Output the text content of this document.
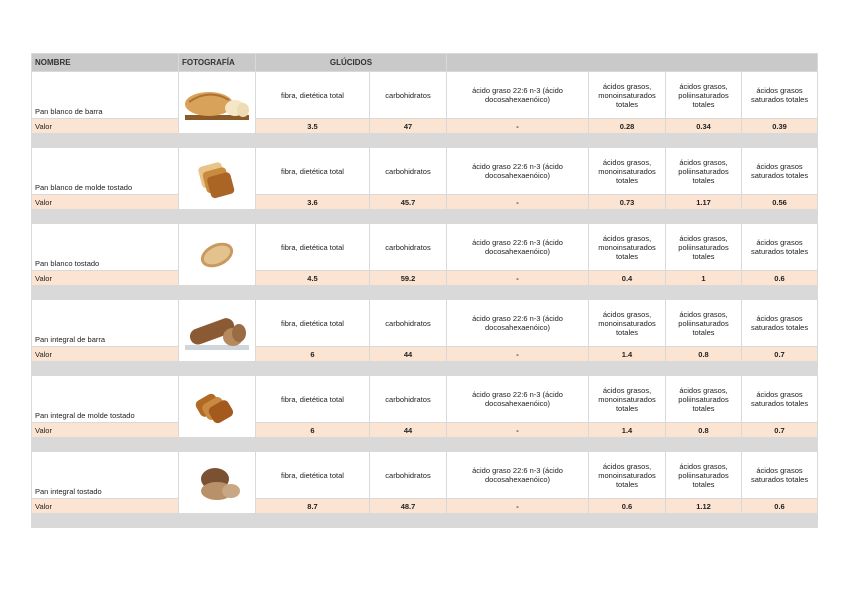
NOMBRE	FOTOGRAFÍA	GLÚCIDOS					
Pan blanco de barra		fibra, dietética total	carbohidratos	ácido graso 22:6 n-3 (ácido docosahexaenóico)	ácidos grasos, monoinsaturados totales	ácidos grasos, poliinsaturados totales	ácidos grasos saturados totales
Valor		3.5	47	-	0.28	0.34	0.39

Pan blanco de molde tostado		fibra, dietética total	carbohidratos	ácido graso 22:6 n-3 (ácido docosahexaenóico)	ácidos grasos, monoinsaturados totales	ácidos grasos, poliinsaturados totales	ácidos grasos saturados totales
Valor		3.6	45.7	-	0.73	1.17	0.56

Pan blanco tostado		fibra, dietética total	carbohidratos	ácido graso 22:6 n-3 (ácido docosahexaenóico)	ácidos grasos, monoinsaturados totales	ácidos grasos, poliinsaturados totales	ácidos grasos saturados totales
Valor		4.5	59.2	-	0.4	1	0.6

Pan integral de barra		fibra, dietética total	carbohidratos	ácido graso 22:6 n-3 (ácido docosahexaenóico)	ácidos grasos, monoinsaturados totales	ácidos grasos, poliinsaturados totales	ácidos grasos saturados totales
Valor		6	44	-	1.4	0.8	0.7

Pan integral de molde tostado		fibra, dietética total	carbohidratos	ácido graso 22:6 n-3 (ácido docosahexaenóico)	ácidos grasos, monoinsaturados totales	ácidos grasos, poliinsaturados totales	ácidos grasos saturados totales
Valor		6	44	-	1.4	0.8	0.7

Pan integral tostado		fibra, dietética total	carbohidratos	ácido graso 22:6 n-3 (ácido docosahexaenóico)	ácidos grasos, monoinsaturados totales	ácidos grasos, poliinsaturados totales	ácidos grasos saturados totales
Valor		8.7	48.7	-	0.6	1.12	0.6
